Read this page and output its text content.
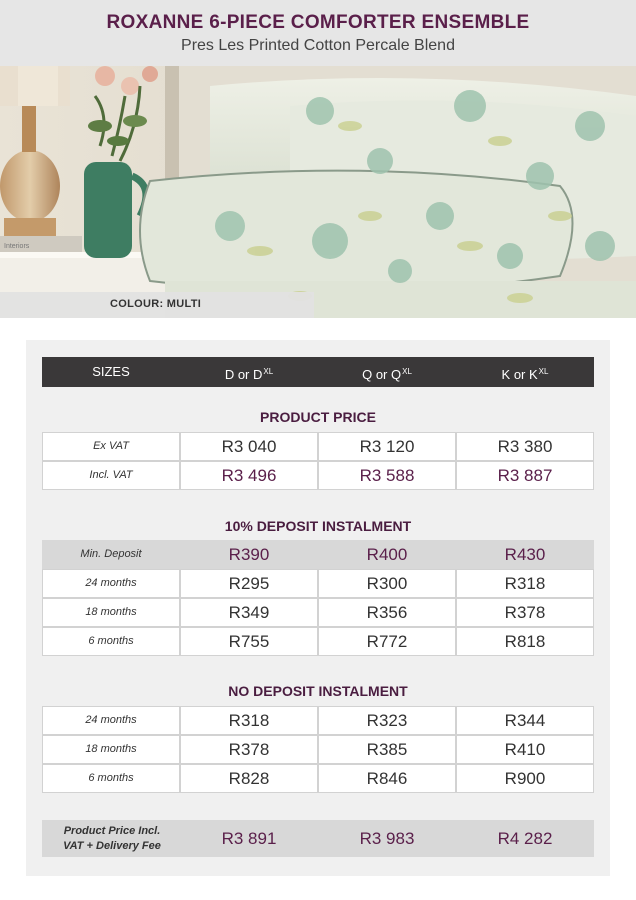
ROXANNE 6-PIECE COMFORTER ENSEMBLE
Pres Les Printed Cotton Percale Blend
Interiors
COLOUR: MULTI
SIZES	D or $D^{XL}$	Q or $Q^{XL}$	K or $K^{XL}$
PRODUCT PRICE
Ex VAT	R3 040	R3 120	R3 380
Incl. VAT	R3 496	R3 588	R3 887
10% DEPOSIT INSTALMENT
Min. Deposit	R390	R400	R430
24 months	R295	R300	R318
18 months	R349	R356	R378
6 months	R755	R772	R818
NO DEPOSIT INSTALMENT
24 months	R318	R323	R344
18 months	R378	R385	R410
6 months	R828	R846	R900
Product Price Incl.
VAT + Delivery Fee	R3 891	R3 983	R4 282
